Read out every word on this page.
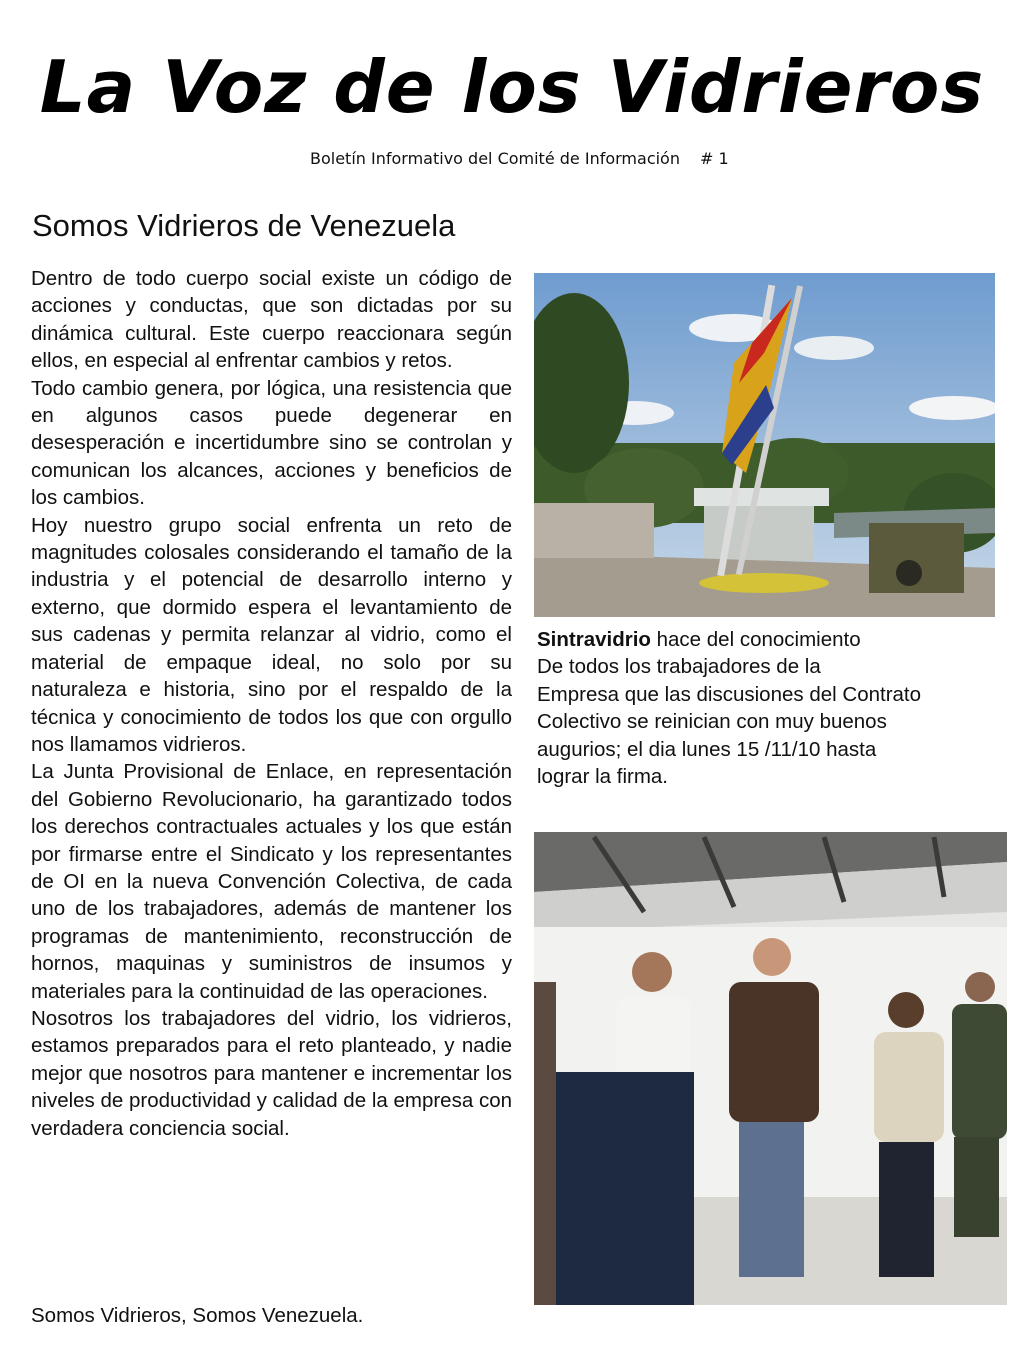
La Voz de los Vidrieros
Boletín Informativo del Comité de Información # 1
Somos Vidrieros de Venezuela

Dentro de todo cuerpo social existe un código de acciones y conductas, que son dictadas por su dinámica cultural. Este cuerpo reaccionara según ellos, en especial al enfrentar cambios y retos.

Todo cambio genera, por lógica, una resistencia que en algunos casos puede degenerar en desesperación e incertidumbre sino se controlan y comunican los alcances, acciones y beneficios de los cambios.

Hoy nuestro grupo social enfrenta un reto de magnitudes colosales considerando el tamaño de la industria y el potencial de desarrollo interno y externo, que dormido espera el levantamiento de sus cadenas y permita relanzar al vidrio, como el material de empaque ideal, no solo por su naturaleza e historia, sino por el respaldo de la técnica y conocimiento de todos los que con orgullo nos llamamos vidrieros.

La Junta Provisional de Enlace, en representación del Gobierno Revolucionario, ha garantizado todos los derechos contractuales actuales y los que están por firmarse entre el Sindicato y los representantes de OI en la nueva Convención Colectiva, de cada uno de los trabajadores, además de mantener los programas de mantenimiento, reconstrucción de hornos, maquinas y suministros de insumos y materiales para la continuidad de las operaciones.

Nosotros los trabajadores del vidrio, los vidrieros, estamos preparados para el reto planteado, y nadie mejor que nosotros para mantener e incrementar los niveles de productividad y calidad de la empresa con verdadera conciencia social.

Somos Vidrieros, Somos Venezuela.
Sintravidrio hace del conocimiento
De todos los trabajadores de la
Empresa que las discusiones del Contrato
Colectivo se reinician con muy buenos
augurios; el dia lunes 15 /11/10 hasta
lograr la firma.
